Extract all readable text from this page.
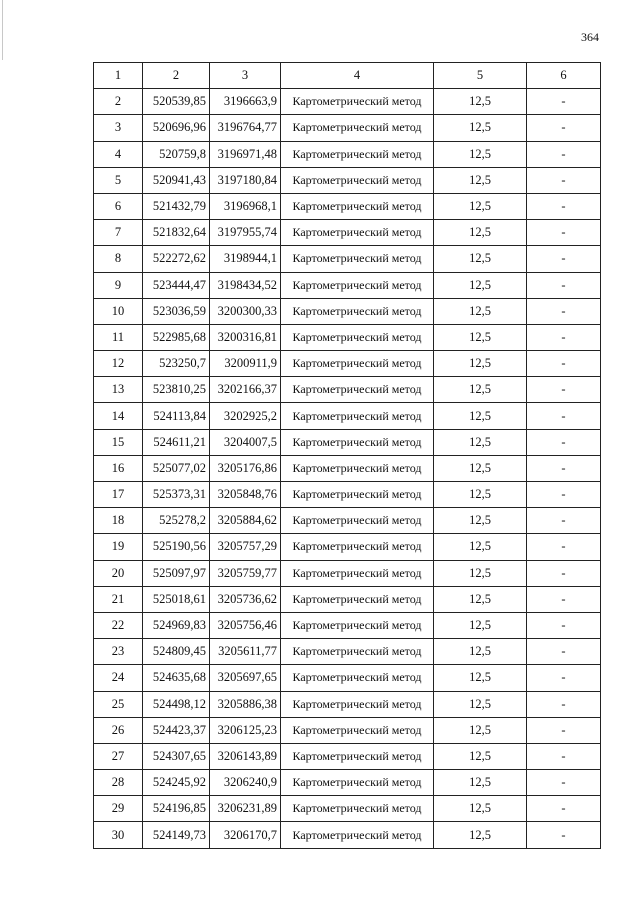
364
1	2	3	4	5	6
2	520539,85	3196663,9	Картометрический метод	12,5	-
3	520696,96	3196764,77	Картометрический метод	12,5	-
4	520759,8	3196971,48	Картометрический метод	12,5	-
5	520941,43	3197180,84	Картометрический метод	12,5	-
6	521432,79	3196968,1	Картометрический метод	12,5	-
7	521832,64	3197955,74	Картометрический метод	12,5	-
8	522272,62	3198944,1	Картометрический метод	12,5	-
9	523444,47	3198434,52	Картометрический метод	12,5	-
10	523036,59	3200300,33	Картометрический метод	12,5	-
11	522985,68	3200316,81	Картометрический метод	12,5	-
12	523250,7	3200911,9	Картометрический метод	12,5	-
13	523810,25	3202166,37	Картометрический метод	12,5	-
14	524113,84	3202925,2	Картометрический метод	12,5	-
15	524611,21	3204007,5	Картометрический метод	12,5	-
16	525077,02	3205176,86	Картометрический метод	12,5	-
17	525373,31	3205848,76	Картометрический метод	12,5	-
18	525278,2	3205884,62	Картометрический метод	12,5	-
19	525190,56	3205757,29	Картометрический метод	12,5	-
20	525097,97	3205759,77	Картометрический метод	12,5	-
21	525018,61	3205736,62	Картометрический метод	12,5	-
22	524969,83	3205756,46	Картометрический метод	12,5	-
23	524809,45	3205611,77	Картометрический метод	12,5	-
24	524635,68	3205697,65	Картометрический метод	12,5	-
25	524498,12	3205886,38	Картометрический метод	12,5	-
26	524423,37	3206125,23	Картометрический метод	12,5	-
27	524307,65	3206143,89	Картометрический метод	12,5	-
28	524245,92	3206240,9	Картометрический метод	12,5	-
29	524196,85	3206231,89	Картометрический метод	12,5	-
30	524149,73	3206170,7	Картометрический метод	12,5	-
